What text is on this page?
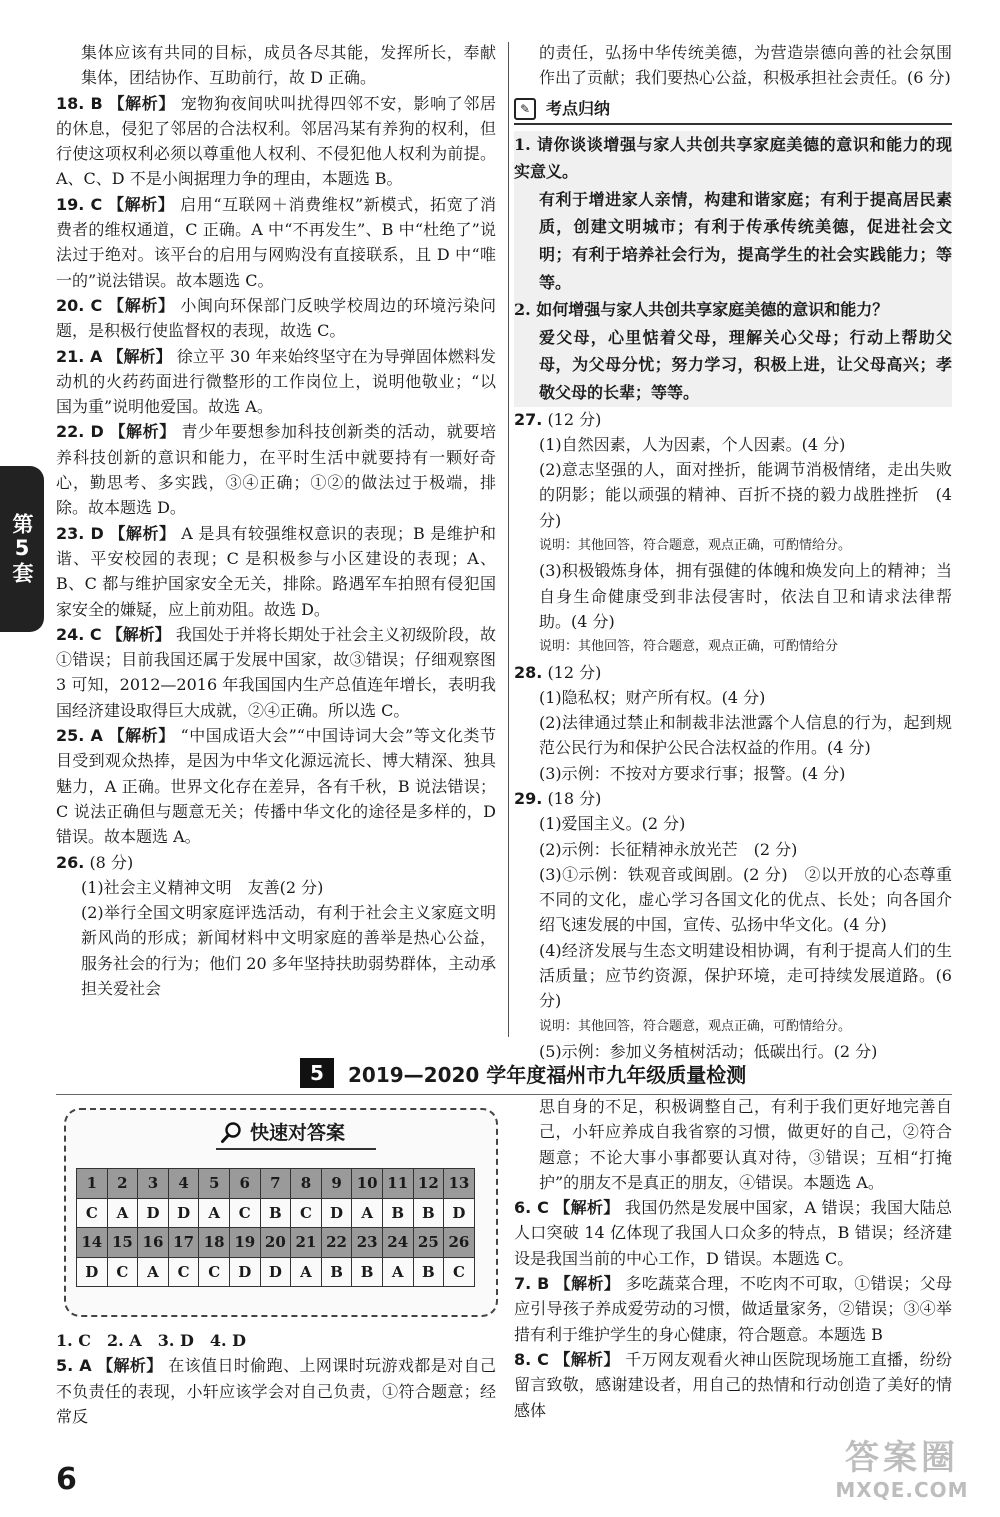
集体应该有共同的目标，成员各尽其能，发挥所长，奉献集体，团结协作、互助前行，故 D 正确。

18. B 【解析】 宠物狗夜间吠叫扰得四邻不安，影响了邻居的休息，侵犯了邻居的合法权利。邻居冯某有养狗的权利，但行使这项权利必须以尊重他人权利、不侵犯他人权利为前提。A、C、D 不是小闽据理力争的理由，本题选 B。

19. C 【解析】 启用“互联网＋消费维权”新模式，拓宽了消费者的维权通道，C 正确。A 中“不再发生”、B 中“杜绝了”说法过于绝对。该平台的启用与网购没有直接联系，且 D 中“唯一的”说法错误。故本题选 C。

20. C 【解析】 小闽向环保部门反映学校周边的环境污染问题，是积极行使监督权的表现，故选 C。

21. A 【解析】 徐立平 30 年来始终坚守在为导弹固体燃料发动机的火药药面进行微整形的工作岗位上，说明他敬业；“以国为重”说明他爱国。故选 A。

22. D 【解析】 青少年要想参加科技创新类的活动，就要培养科技创新的意识和能力，在平时生活中就要持有一颗好奇心，勤思考、多实践，③④正确；①②的做法过于极端，排除。故本题选 D。

23. D 【解析】 A 是具有较强维权意识的表现；B 是维护和谐、平安校园的表现；C 是积极参与小区建设的表现；A、B、C 都与维护国家安全无关，排除。路遇军车拍照有侵犯国家安全的嫌疑，应上前劝阻。故选 D。

24. C 【解析】 我国处于并将长期处于社会主义初级阶段，故①错误；目前我国还属于发展中国家，故③错误；仔细观察图 3 可知，2012—2016 年我国国内生产总值连年增长，表明我国经济建设取得巨大成就，②④正确。所以选 C。

25. A 【解析】 “中国成语大会”“中国诗词大会”等文化类节目受到观众热捧，是因为中华文化源远流长、博大精深、独具魅力，A 正确。世界文化存在差异，各有千秋，B 说法错误；C 说法正确但与题意无关；传播中华文化的途径是多样的，D 错误。故本题选 A。

26. (8 分)

(1)社会主义精神文明　友善(2 分)

(2)举行全国文明家庭评选活动，有利于社会主义家庭文明新风尚的形成；新闻材料中文明家庭的善举是热心公益，服务社会的行为；他们 20 多年坚持扶助弱势群体，主动承担关爱社会

的责任，弘扬中华传统美德，为营造崇德向善的社会氛围作出了贡献；我们要热心公益，积极承担社会责任。(6 分)

✎ 考点归纳

1. 请你谈谈增强与家人共创共享家庭美德的意识和能力的现实意义。

有利于增进家人亲情，构建和谐家庭；有利于提高居民素质，创建文明城市；有利于传承传统美德，促进社会文明；有利于培养社会行为，提高学生的社会实践能力；等等。

2. 如何增强与家人共创共享家庭美德的意识和能力？

爱父母，心里惦着父母，理解关心父母；行动上帮助父母，为父母分忧；努力学习，积极上进，让父母高兴；孝敬父母的长辈；等等。

27. (12 分)

(1)自然因素，人为因素，个人因素。(4 分)

(2)意志坚强的人，面对挫折，能调节消极情绪，走出失败的阴影；能以顽强的精神、百折不挠的毅力战胜挫折　(4 分)

说明：其他回答，符合题意，观点正确，可酌情给分。

(3)积极锻炼身体，拥有强健的体魄和焕发向上的精神；当自身生命健康受到非法侵害时，依法自卫和请求法律帮助。(4 分)

说明：其他回答，符合题意，观点正确，可酌情给分

28. (12 分)

(1)隐私权；财产所有权。(4 分)

(2)法律通过禁止和制裁非法泄露个人信息的行为，起到规范公民行为和保护公民合法权益的作用。(4 分)

(3)示例：不按对方要求行事；报警。(4 分)

29. (18 分)

(1)爱国主义。(2 分)

(2)示例：长征精神永放光芒　(2 分)

(3)①示例：铁观音或闽剧。(2 分)　②以开放的心态尊重不同的文化，虚心学习各国文化的优点、长处；向各国介绍飞速发展的中国，宣传、弘扬中华文化。(4 分)

(4)经济发展与生态文明建设相协调，有利于提高人们的生活质量；应节约资源，保护环境，走可持续发展道路。(6 分)

说明：其他回答，符合题意，观点正确，可酌情给分。

(5)示例：参加义务植树活动；低碳出行。(2 分)

第5套
5	2019—2020 学年度福州市九年级质量检测
快速对答案
1	2	3	4	5	6	7	8	9	10	11	12	13
C	A	D	D	A	C	B	C	D	A	B	B	D
14	15	16	17	18	19	20	21	22	23	24	25	26
D	C	A	C	C	D	D	A	B	B	A	B	C

1. C　2. A　3. D　4. D

5. A 【解析】 在该值日时偷跑、上网课时玩游戏都是对自己不负责任的表现，小轩应该学会对自己负责，①符合题意；经常反

思自身的不足，积极调整自己，有利于我们更好地完善自己，小轩应养成自我省察的习惯，做更好的自己，②符合题意；不论大事小事都要认真对待，③错误；互相“打掩护”的朋友不是真正的朋友，④错误。本题选 A。

6. C 【解析】 我国仍然是发展中国家，A 错误；我国大陆总人口突破 14 亿体现了我国人口众多的特点，B 错误；经济建设是我国当前的中心工作，D 错误。本题选 C。

7. B 【解析】 多吃蔬菜合理，不吃肉不可取，①错误；父母应引导孩子养成爱劳动的习惯，做适量家务，②错误；③④举措有利于维护学生的身心健康，符合题意。本题选 B

8. C 【解析】 千万网友观看火神山医院现场施工直播，纷纷留言致敬，感谢建设者，用自己的热情和行动创造了美好的情感体

6
答案圈
MXQE.COM
